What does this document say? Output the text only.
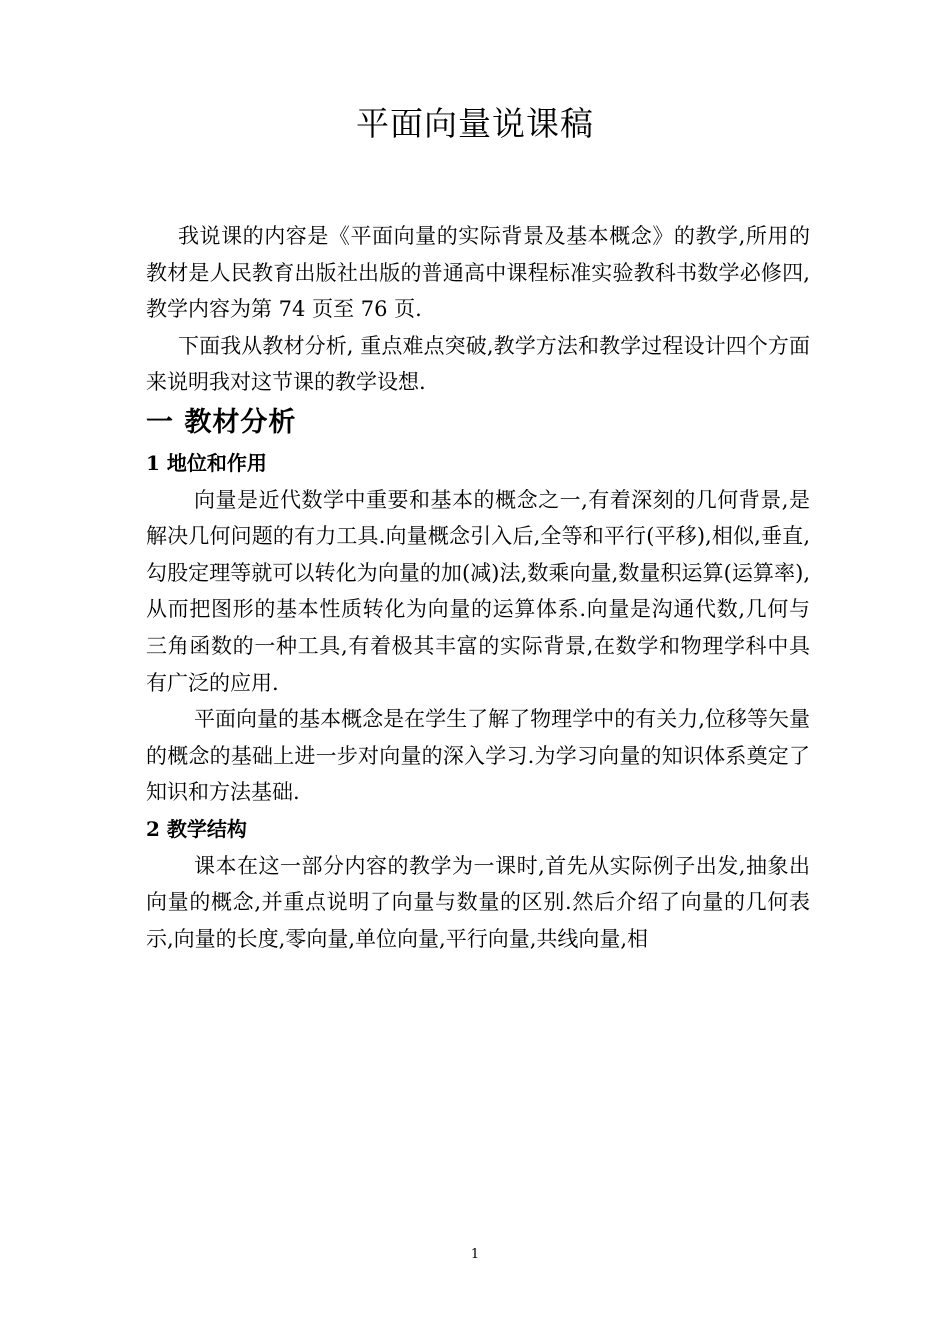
平面向量说课稿

我说课的内容是《平面向量的实际背景及基本概念》的教学,所用的教材是人民教育出版社出版的普通高中课程标准实验教科书数学必修四,教学内容为第 74 页至 76 页.

下面我从教材分析, 重点难点突破,教学方法和教学过程设计四个方面来说明我对这节课的教学设想.

一 教材分析
1 地位和作用

向量是近代数学中重要和基本的概念之一,有着深刻的几何背景,是解决几何问题的有力工具.向量概念引入后,全等和平行(平移),相似,垂直,勾股定理等就可以转化为向量的加(减)法,数乘向量,数量积运算(运算率),从而把图形的基本性质转化为向量的运算体系.向量是沟通代数,几何与三角函数的一种工具,有着极其丰富的实际背景,在数学和物理学科中具有广泛的应用.

平面向量的基本概念是在学生了解了物理学中的有关力,位移等矢量的概念的基础上进一步对向量的深入学习.为学习向量的知识体系奠定了知识和方法基础.

2 教学结构

课本在这一部分内容的教学为一课时,首先从实际例子出发,抽象出向量的概念,并重点说明了向量与数量的区别.然后介绍了向量的几何表示,向量的长度,零向量,单位向量,平行向量,共线向量,相

1
